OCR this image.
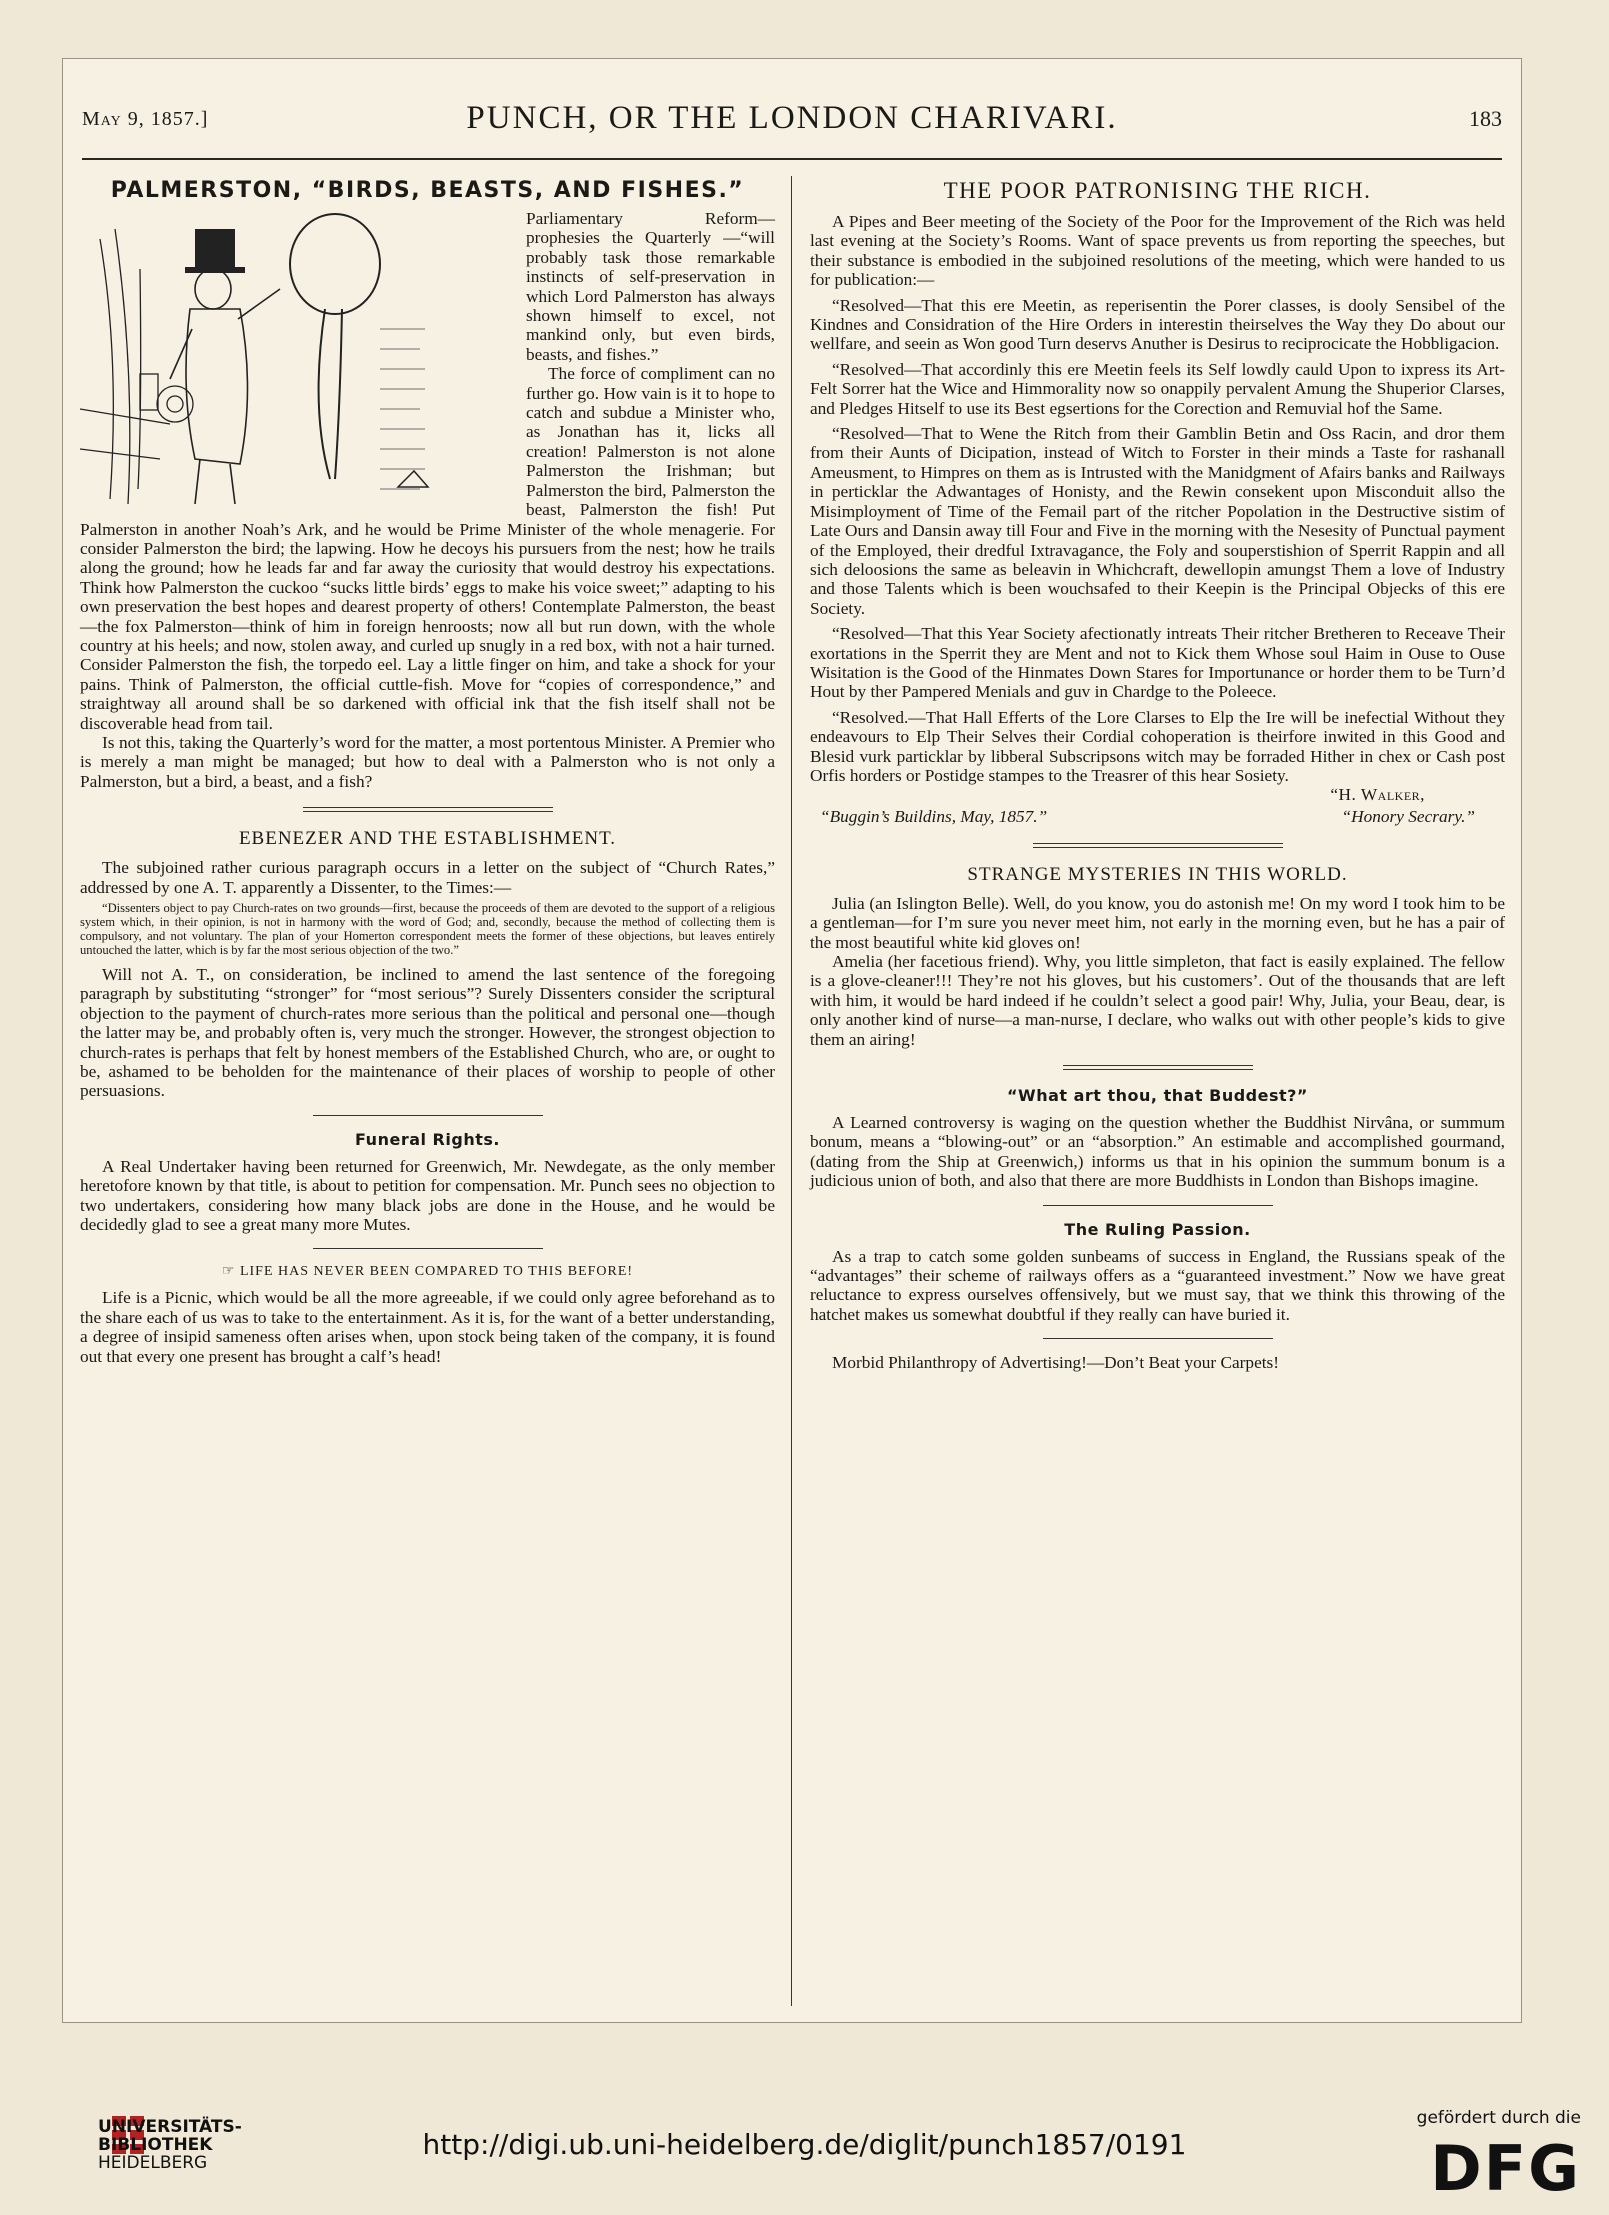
May 9, 1857.]	PUNCH, OR THE LONDON CHARIVARI.	183
PALMERSTON, “BIRDS, BEASTS, AND FISHES.”

Parliamentary Reform— prophesies the Quarterly —“will probably task those remarkable instincts of self-preservation in which Lord Palmerston has always shown himself to excel, not mankind only, but even birds, beasts, and fishes.”

The force of compliment can no further go. How vain is it to hope to catch and subdue a Minister who, as Jonathan has it, licks all creation! Palmerston is not alone Palmerston the Irishman; but Palmerston the bird, Palmerston the beast, Palmerston the fish! Put Palmerston in another Noah’s Ark, and he would be Prime Minister of the whole menagerie. For consider Palmerston the bird; the lapwing. How he decoys his pursuers from the nest; how he trails along the ground; how he leads far and far away the curiosity that would destroy his expectations. Think how Palmerston the cuckoo “sucks little birds’ eggs to make his voice sweet;” adapting to his own preservation the best hopes and dearest property of others! Contemplate Palmerston, the beast —the fox Palmerston—think of him in foreign henroosts; now all but run down, with the whole country at his heels; and now, stolen away, and curled up snugly in a red box, with not a hair turned. Consider Palmerston the fish, the torpedo eel. Lay a little finger on him, and take a shock for your pains. Think of Palmerston, the official cuttle-fish. Move for “copies of correspondence,” and straightway all around shall be so darkened with official ink that the fish itself shall not be discoverable head from tail.

Is not this, taking the Quarterly’s word for the matter, a most portentous Minister. A Premier who is merely a man might be managed; but how to deal with a Palmerston who is not only a Palmerston, but a bird, a beast, and a fish?

EBENEZER AND THE ESTABLISHMENT.

The subjoined rather curious paragraph occurs in a letter on the subject of “Church Rates,” addressed by one A. T. apparently a Dissenter, to the Times:—

“Dissenters object to pay Church-rates on two grounds—first, because the proceeds of them are devoted to the support of a religious system which, in their opinion, is not in harmony with the word of God; and, secondly, because the method of collecting them is compulsory, and not voluntary. The plan of your Homerton correspondent meets the former of these objections, but leaves entirely untouched the latter, which is by far the most serious objection of the two.”

Will not A. T., on consideration, be inclined to amend the last sentence of the foregoing paragraph by substituting “stronger” for “most serious”? Surely Dissenters consider the scriptural objection to the payment of church-rates more serious than the political and personal one—though the latter may be, and probably often is, very much the stronger. However, the strongest objection to church-rates is perhaps that felt by honest members of the Established Church, who are, or ought to be, ashamed to be beholden for the maintenance of their places of worship to people of other persuasions.

Funeral Rights.

A Real Undertaker having been returned for Greenwich, Mr. Newdegate, as the only member heretofore known by that title, is about to petition for compensation. Mr. Punch sees no objection to two undertakers, considering how many black jobs are done in the House, and he would be decidedly glad to see a great many more Mutes.

☞ LIFE HAS NEVER BEEN COMPARED TO THIS BEFORE!

Life is a Picnic, which would be all the more agreeable, if we could only agree beforehand as to the share each of us was to take to the entertainment. As it is, for the want of a better understanding, a degree of insipid sameness often arises when, upon stock being taken of the company, it is found out that every one present has brought a calf’s head!

THE POOR PATRONISING THE RICH.

A Pipes and Beer meeting of the Society of the Poor for the Improvement of the Rich was held last evening at the Society’s Rooms. Want of space prevents us from reporting the speeches, but their substance is embodied in the subjoined resolutions of the meeting, which were handed to us for publication:—

“Resolved—That this ere Meetin, as reperisentin the Porer classes, is dooly Sensibel of the Kindnes and Considration of the Hire Orders in interestin theirselves the Way they Do about our wellfare, and seein as Won good Turn deservs Anuther is Desirus to reciprocicate the Hobbligacion.

“Resolved—That accordinly this ere Meetin feels its Self lowdly cauld Upon to ixpress its Art-Felt Sorrer hat the Wice and Himmorality now so onappily pervalent Amung the Shuperior Clarses, and Pledges Hitself to use its Best egsertions for the Corection and Remuvial hof the Same.

“Resolved—That to Wene the Ritch from their Gamblin Betin and Oss Racin, and dror them from their Aunts of Dicipation, instead of Witch to Forster in their minds a Taste for rashanall Ameusment, to Himpres on them as is Intrusted with the Manidgment of Afairs banks and Railways in perticklar the Adwantages of Honisty, and the Rewin consekent upon Misconduit allso the Misimployment of Time of the Femail part of the ritcher Popolation in the Destructive sistim of Late Ours and Dansin away till Four and Five in the morning with the Nesesity of Punctual payment of the Employed, their dredful Ixtravagance, the Foly and souperstishion of Sperrit Rappin and all sich deloosions the same as beleavin in Whichcraft, dewellopin amungst Them a love of Industry and those Talents which is been wouchsafed to their Keepin is the Principal Objecks of this ere Society.

“Resolved—That this Year Society afectionatly intreats Their ritcher Bretheren to Receave Their exortations in the Sperrit they are Ment and not to Kick them Whose soul Haim in Ouse to Ouse Wisitation is the Good of the Hinmates Down Stares for Importunance or horder them to be Turn’d Hout by ther Pampered Menials and guv in Chardge to the Poleece.

“Resolved.—That Hall Efferts of the Lore Clarses to Elp the Ire will be inefectial Without they endeavours to Elp Their Selves their Cordial cohoperation is theirfore inwited in this Good and Blesid vurk particklar by libberal Subscripsons witch may be forraded Hither in chex or Cash post Orfis horders or Postidge stampes to the Treasrer of this hear Sosiety.

“H. Walker,

“Buggin’s Buildins, May, 1857.”	“Honory Secrary.”
STRANGE MYSTERIES IN THIS WORLD.

Julia (an Islington Belle). Well, do you know, you do astonish me! On my word I took him to be a gentleman—for I’m sure you never meet him, not early in the morning even, but he has a pair of the most beautiful white kid gloves on!

Amelia (her facetious friend). Why, you little simpleton, that fact is easily explained. The fellow is a glove-cleaner!!! They’re not his gloves, but his customers’. Out of the thousands that are left with him, it would be hard indeed if he couldn’t select a good pair! Why, Julia, your Beau, dear, is only another kind of nurse—a man-nurse, I declare, who walks out with other people’s kids to give them an airing!

“What art thou, that Buddest?”

A Learned controversy is waging on the question whether the Buddhist Nirvâna, or summum bonum, means a “blowing-out” or an “absorption.” An estimable and accomplished gourmand, (dating from the Ship at Greenwich,) informs us that in his opinion the summum bonum is a judicious union of both, and also that there are more Buddhists in London than Bishops imagine.

The Ruling Passion.

As a trap to catch some golden sunbeams of success in England, the Russians speak of the “advantages” their scheme of railways offers as a “guaranteed investment.” Now we have great reluctance to express ourselves offensively, but we must say, that we think this throwing of the hatchet makes us somewhat doubtful if they really can have buried it.

Morbid Philanthropy of Advertising!—Don’t Beat your Carpets!

UNIVERSITÄTS-
BIBLIOTHEK
HEIDELBERG
http://digi.ub.uni-heidelberg.de/diglit/punch1857/0191
gefördert durch die
DFG
